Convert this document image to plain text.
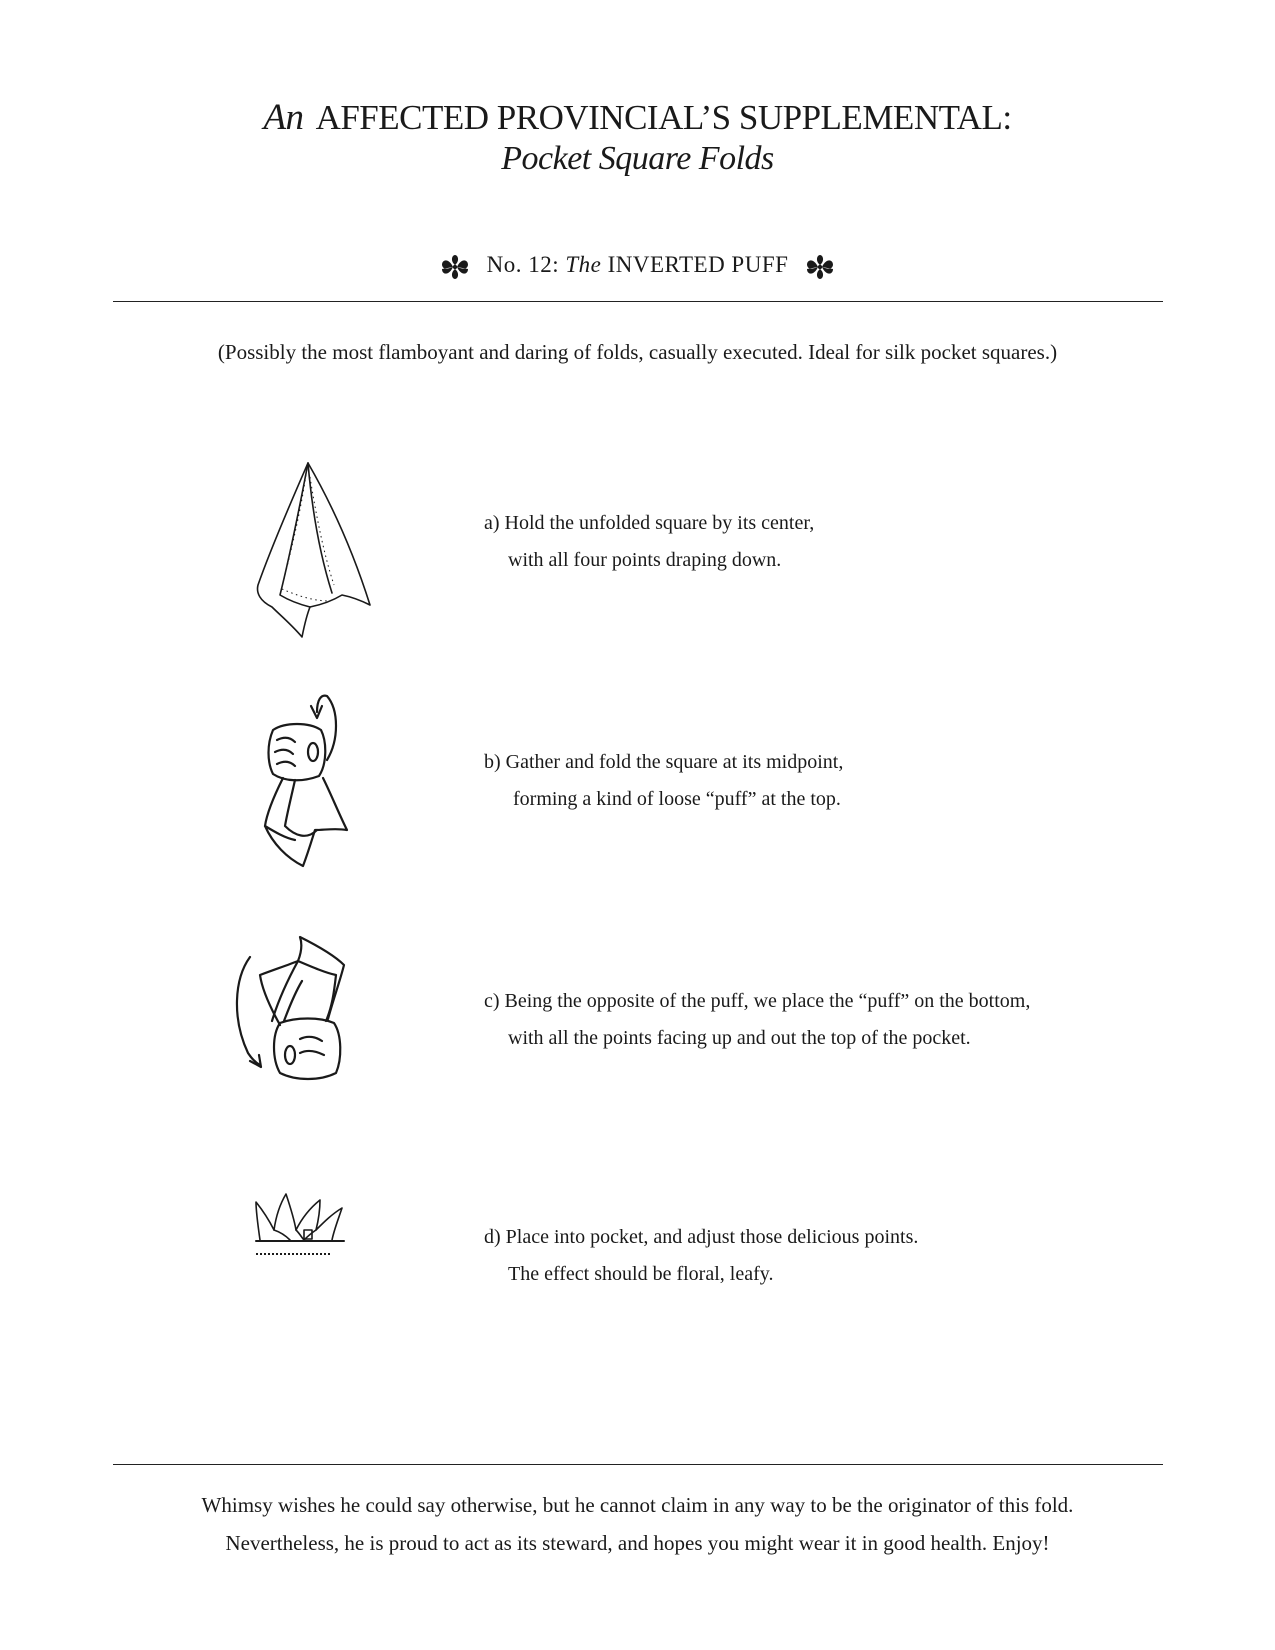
An AFFECTED PROVINCIAL’S SUPPLEMENTAL:
Pocket Square Folds
No. 12: The INVERTED PUFF
(Possibly the most flamboyant and daring of folds, casually executed. Ideal for silk pocket squares.)
a) Hold the unfolded square by its center,
with all four points draping down.
b) Gather and fold the square at its midpoint,
forming a kind of loose “puff” at the top.
c) Being the opposite of the puff, we place the “puff” on the bottom,
with all the points facing up and out the top of the pocket.
d) Place into pocket, and adjust those delicious points.
The effect should be floral, leafy.
Whimsy wishes he could say otherwise, but he cannot claim in any way to be the originator of this fold.
Nevertheless, he is proud to act as its steward, and hopes you might wear it in good health. Enjoy!
